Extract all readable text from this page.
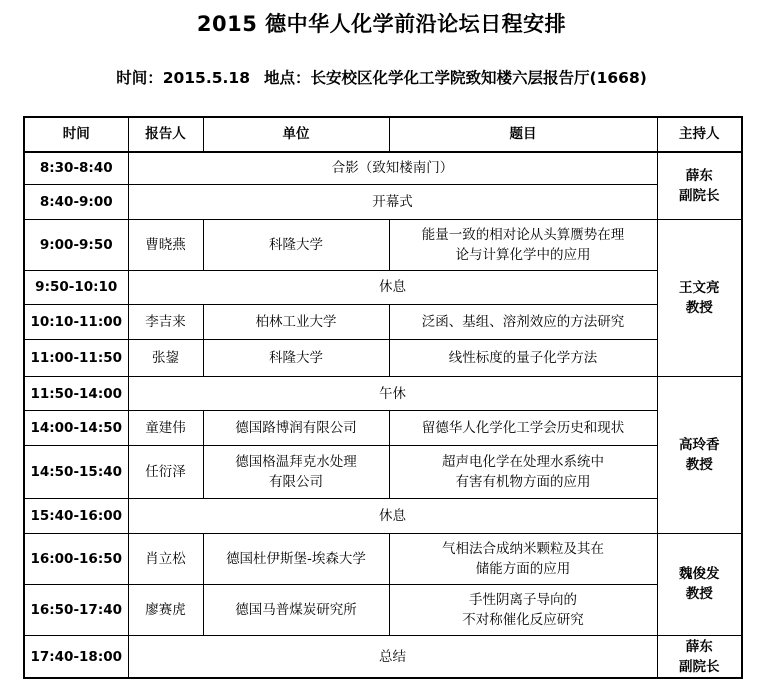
2015 德中华人化学前沿论坛日程安排
时间：2015.5.18 地点：长安校区化学化工学院致知楼六层报告厅(1668)
时间	报告人	单位	题目	主持人
8:30-8:40	合影（致知楼南门）			薛东
副院长
8:40-9:00	开幕式			
9:00-9:50	曹晓燕	科隆大学	能量一致的相对论从头算赝势在理
论与计算化学中的应用	王文亮
教授
9:50-10:10	休息			
10:10-11:00	李吉来	柏林工业大学	泛函、基组、溶剂效应的方法研究	
11:00-11:50	张鋆	科隆大学	线性标度的量子化学方法	
11:50-14:00	午休			高玲香
教授
14:00-14:50	童建伟	德国路博润有限公司	留德华人化学化工学会历史和现状	
14:50-15:40	任衍泽	德国格温拜克水处理
有限公司	超声电化学在处理水系统中
有害有机物方面的应用	
15:40-16:00	休息			
16:00-16:50	肖立松	德国杜伊斯堡-埃森大学	气相法合成纳米颗粒及其在
储能方面的应用	魏俊发
教授
16:50-17:40	廖赛虎	德国马普煤炭研究所	手性阴离子导向的
不对称催化反应研究	
17:40-18:00	总结			薛东
副院长
